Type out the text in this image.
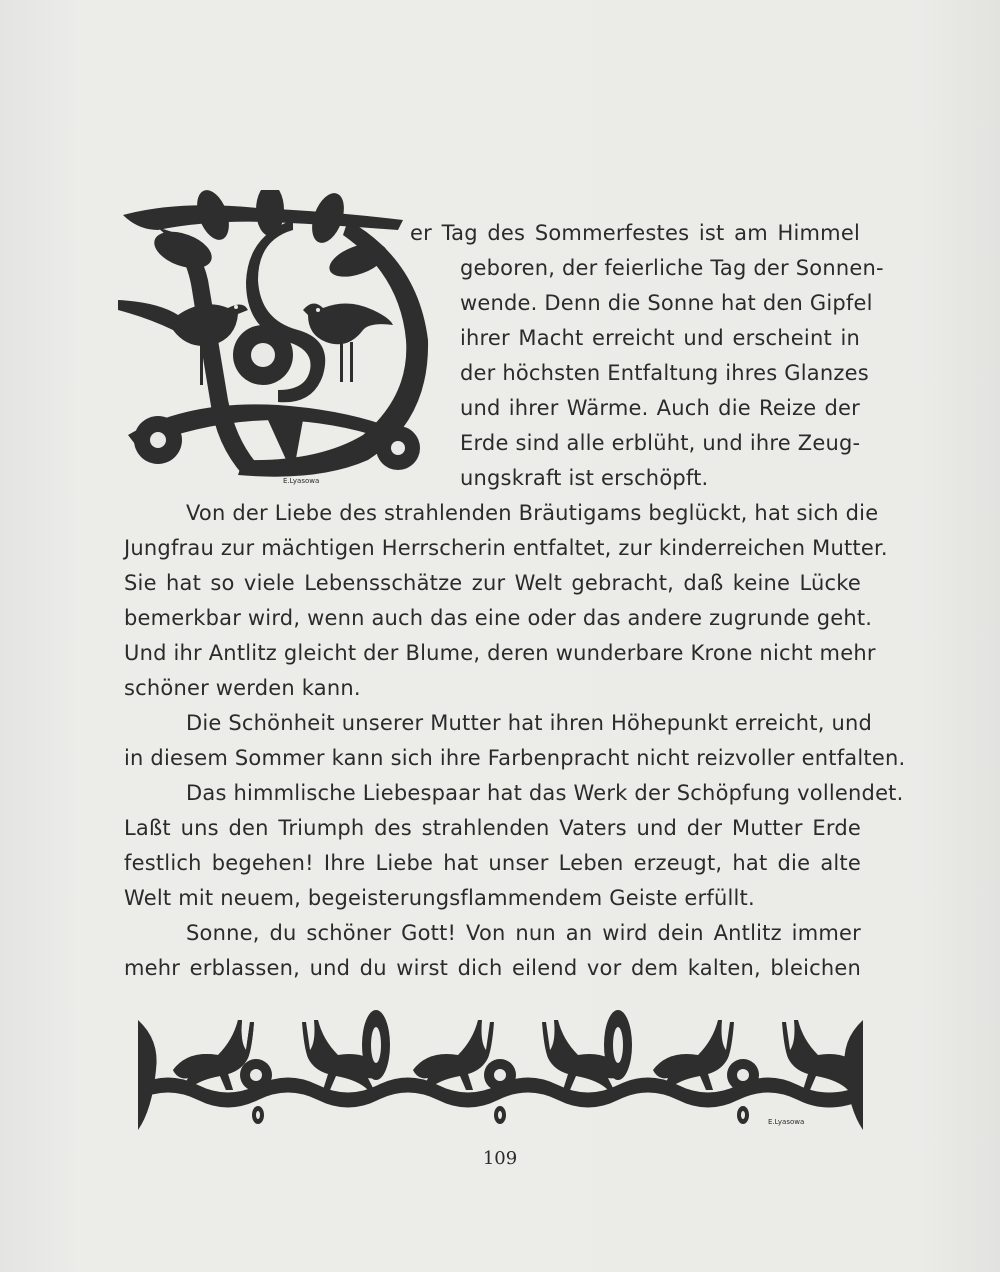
E.Lyasowa

er Tag des Sommerfestes ist am Himmel

geboren, der feierliche Tag der Sonnen-

wende. Denn die Sonne hat den Gipfel

ihrer Macht erreicht und erscheint in

der höchsten Entfaltung ihres Glanzes

und ihrer Wärme. Auch die Reize der

Erde sind alle erblüht, und ihre Zeug-

ungskraft ist erschöpft.

Von der Liebe des strahlenden Bräutigams beglückt, hat sich die

Jungfrau zur mächtigen Herrscherin entfaltet, zur kinderreichen Mutter.

Sie hat so viele Lebensschätze zur Welt gebracht, daß keine Lücke

bemerkbar wird, wenn auch das eine oder das andere zugrunde geht.

Und ihr Antlitz gleicht der Blume, deren wunderbare Krone nicht mehr

schöner werden kann.

Die Schönheit unserer Mutter hat ihren Höhepunkt erreicht, und

in diesem Sommer kann sich ihre Farbenpracht nicht reizvoller entfalten.

Das himmlische Liebespaar hat das Werk der Schöpfung vollendet.

Laßt uns den Triumph des strahlenden Vaters und der Mutter Erde

festlich begehen! Ihre Liebe hat unser Leben erzeugt, hat die alte

Welt mit neuem, begeisterungsflammendem Geiste erfüllt.

Sonne, du schöner Gott! Von nun an wird dein Antlitz immer

mehr erblassen, und du wirst dich eilend vor dem kalten, bleichen

E.Lyasowa
109
